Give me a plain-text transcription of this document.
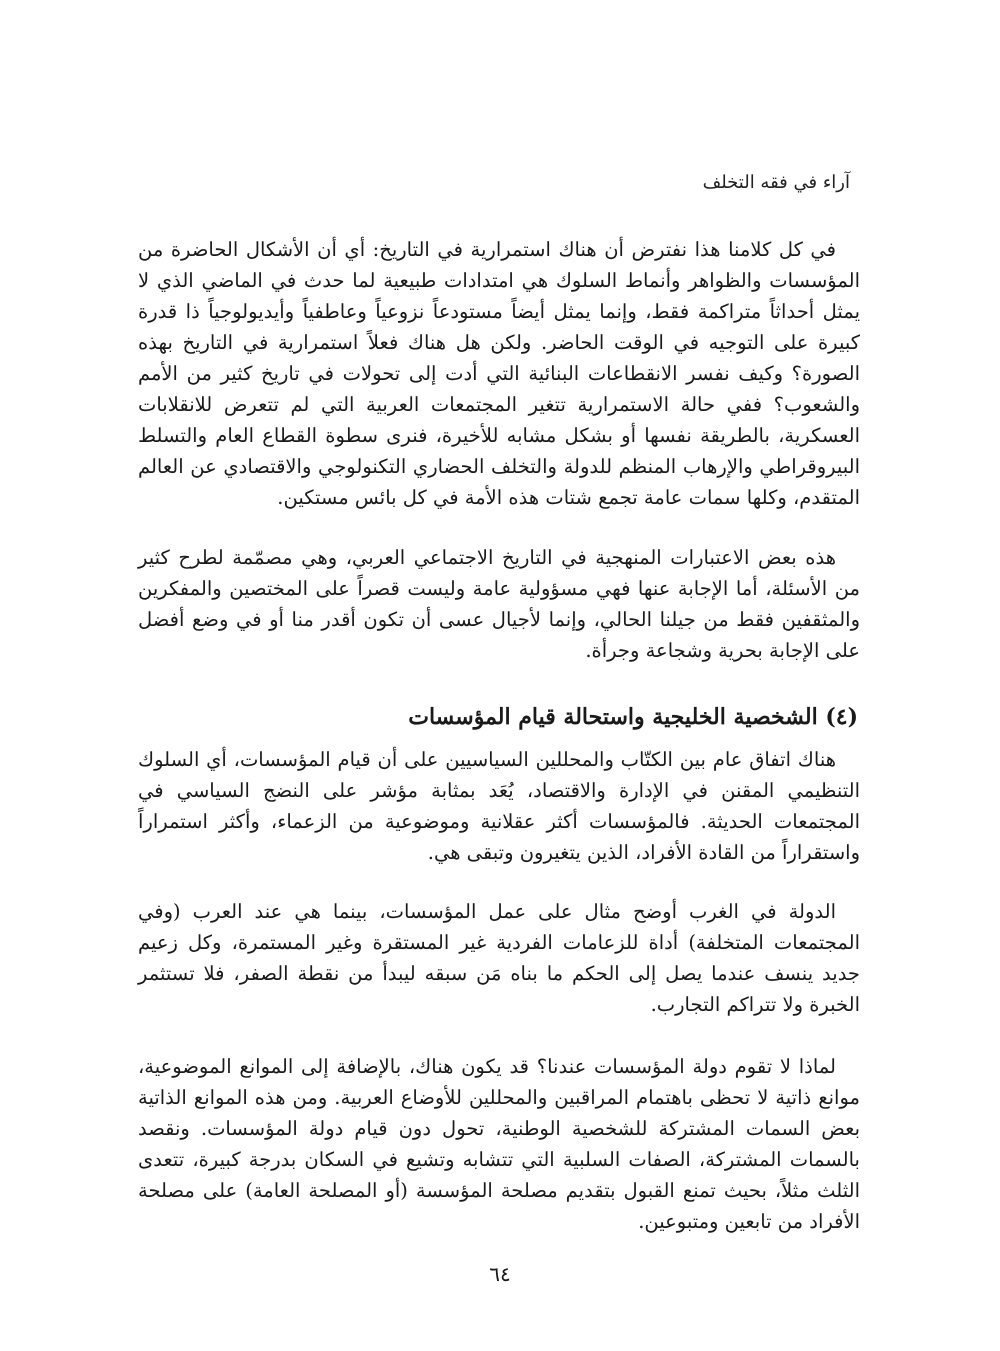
آراء في فقه التخلف

في كل كلامنا هذا نفترض أن هناك استمرارية في التاريخ: أي أن الأشكال الحاضرة من المؤسسات والظواهر وأنماط السلوك هي امتدادات طبيعية لما حدث في الماضي الذي لا يمثل أحداثاً متراكمة فقط، وإنما يمثل أيضاً مستودعاً نزوعياً وعاطفياً وأيديولوجياً ذا قدرة كبيرة على التوجيه في الوقت الحاضر. ولكن هل هناك فعلاً استمرارية في التاريخ بهذه الصورة؟ وكيف نفسر الانقطاعات البنائية التي أدت إلى تحولات في تاريخ كثير من الأمم والشعوب؟ ففي حالة الاستمرارية تتغير المجتمعات العربية التي لم تتعرض للانقلابات العسكرية، بالطريقة نفسها أو بشكل مشابه للأخيرة، فنرى سطوة القطاع العام والتسلط البيروقراطي والإرهاب المنظم للدولة والتخلف الحضاري التكنولوجي والاقتصادي عن العالم المتقدم، وكلها سمات عامة تجمع شتات هذه الأمة في كل بائس مستكين.

هذه بعض الاعتبارات المنهجية في التاريخ الاجتماعي العربي، وهي مصمّمة لطرح كثير من الأسئلة، أما الإجابة عنها فهي مسؤولية عامة وليست قصراً على المختصين والمفكرين والمثقفين فقط من جيلنا الحالي، وإنما لأجيال عسى أن تكون أقدر منا أو في وضع أفضل على الإجابة بحرية وشجاعة وجرأة.

(٤) الشخصية الخليجية واستحالة قيام المؤسسات

هناك اتفاق عام بين الكتّاب والمحللين السياسيين على أن قيام المؤسسات، أي السلوك التنظيمي المقنن في الإدارة والاقتصاد، يُعَد بمثابة مؤشر على النضج السياسي في المجتمعات الحديثة. فالمؤسسات أكثر عقلانية وموضوعية من الزعماء، وأكثر استمراراً واستقراراً من القادة الأفراد، الذين يتغيرون وتبقى هي.

الدولة في الغرب أوضح مثال على عمل المؤسسات، بينما هي عند العرب (وفي المجتمعات المتخلفة) أداة للزعامات الفردية غير المستقرة وغير المستمرة، وكل زعيم جديد ينسف عندما يصل إلى الحكم ما بناه مَن سبقه ليبدأ من نقطة الصفر، فلا تستثمر الخبرة ولا تتراكم التجارب.

لماذا لا تقوم دولة المؤسسات عندنا؟ قد يكون هناك، بالإضافة إلى الموانع الموضوعية، موانع ذاتية لا تحظى باهتمام المراقبين والمحللين للأوضاع العربية. ومن هذه الموانع الذاتية بعض السمات المشتركة للشخصية الوطنية، تحول دون قيام دولة المؤسسات. ونقصد بالسمات المشتركة، الصفات السلبية التي تتشابه وتشيع في السكان بدرجة كبيرة، تتعدى الثلث مثلاً، بحيث تمنع القبول بتقديم مصلحة المؤسسة (أو المصلحة العامة) على مصلحة الأفراد من تابعين ومتبوعين.

٦٤
